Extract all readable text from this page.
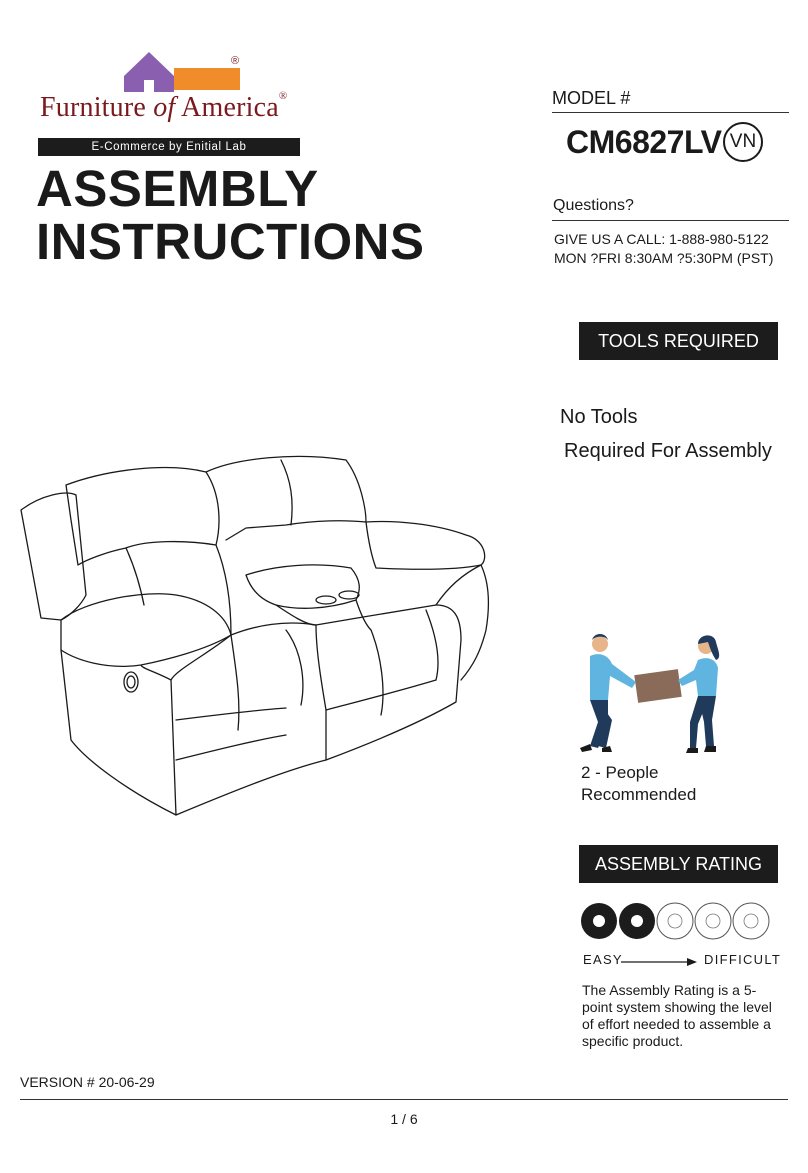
®
Furniture of America®
E-Commerce by Enitial Lab
ASSEMBLY
INSTRUCTIONS
MODEL #
CM6827LV VN
Questions?
GIVE US A CALL: 1-888-980-5122
MON ?FRI 8:30AM ?5:30PM (PST)
TOOLS REQUIRED
No Tools
Required For Assembly
2 - People
Recommended
ASSEMBLY RATING
EASY	DIFFICULT
The Assembly Rating is a 5-point system showing the level of effort needed to assemble a specific product.
VERSION # 20-06-29
1 / 6
